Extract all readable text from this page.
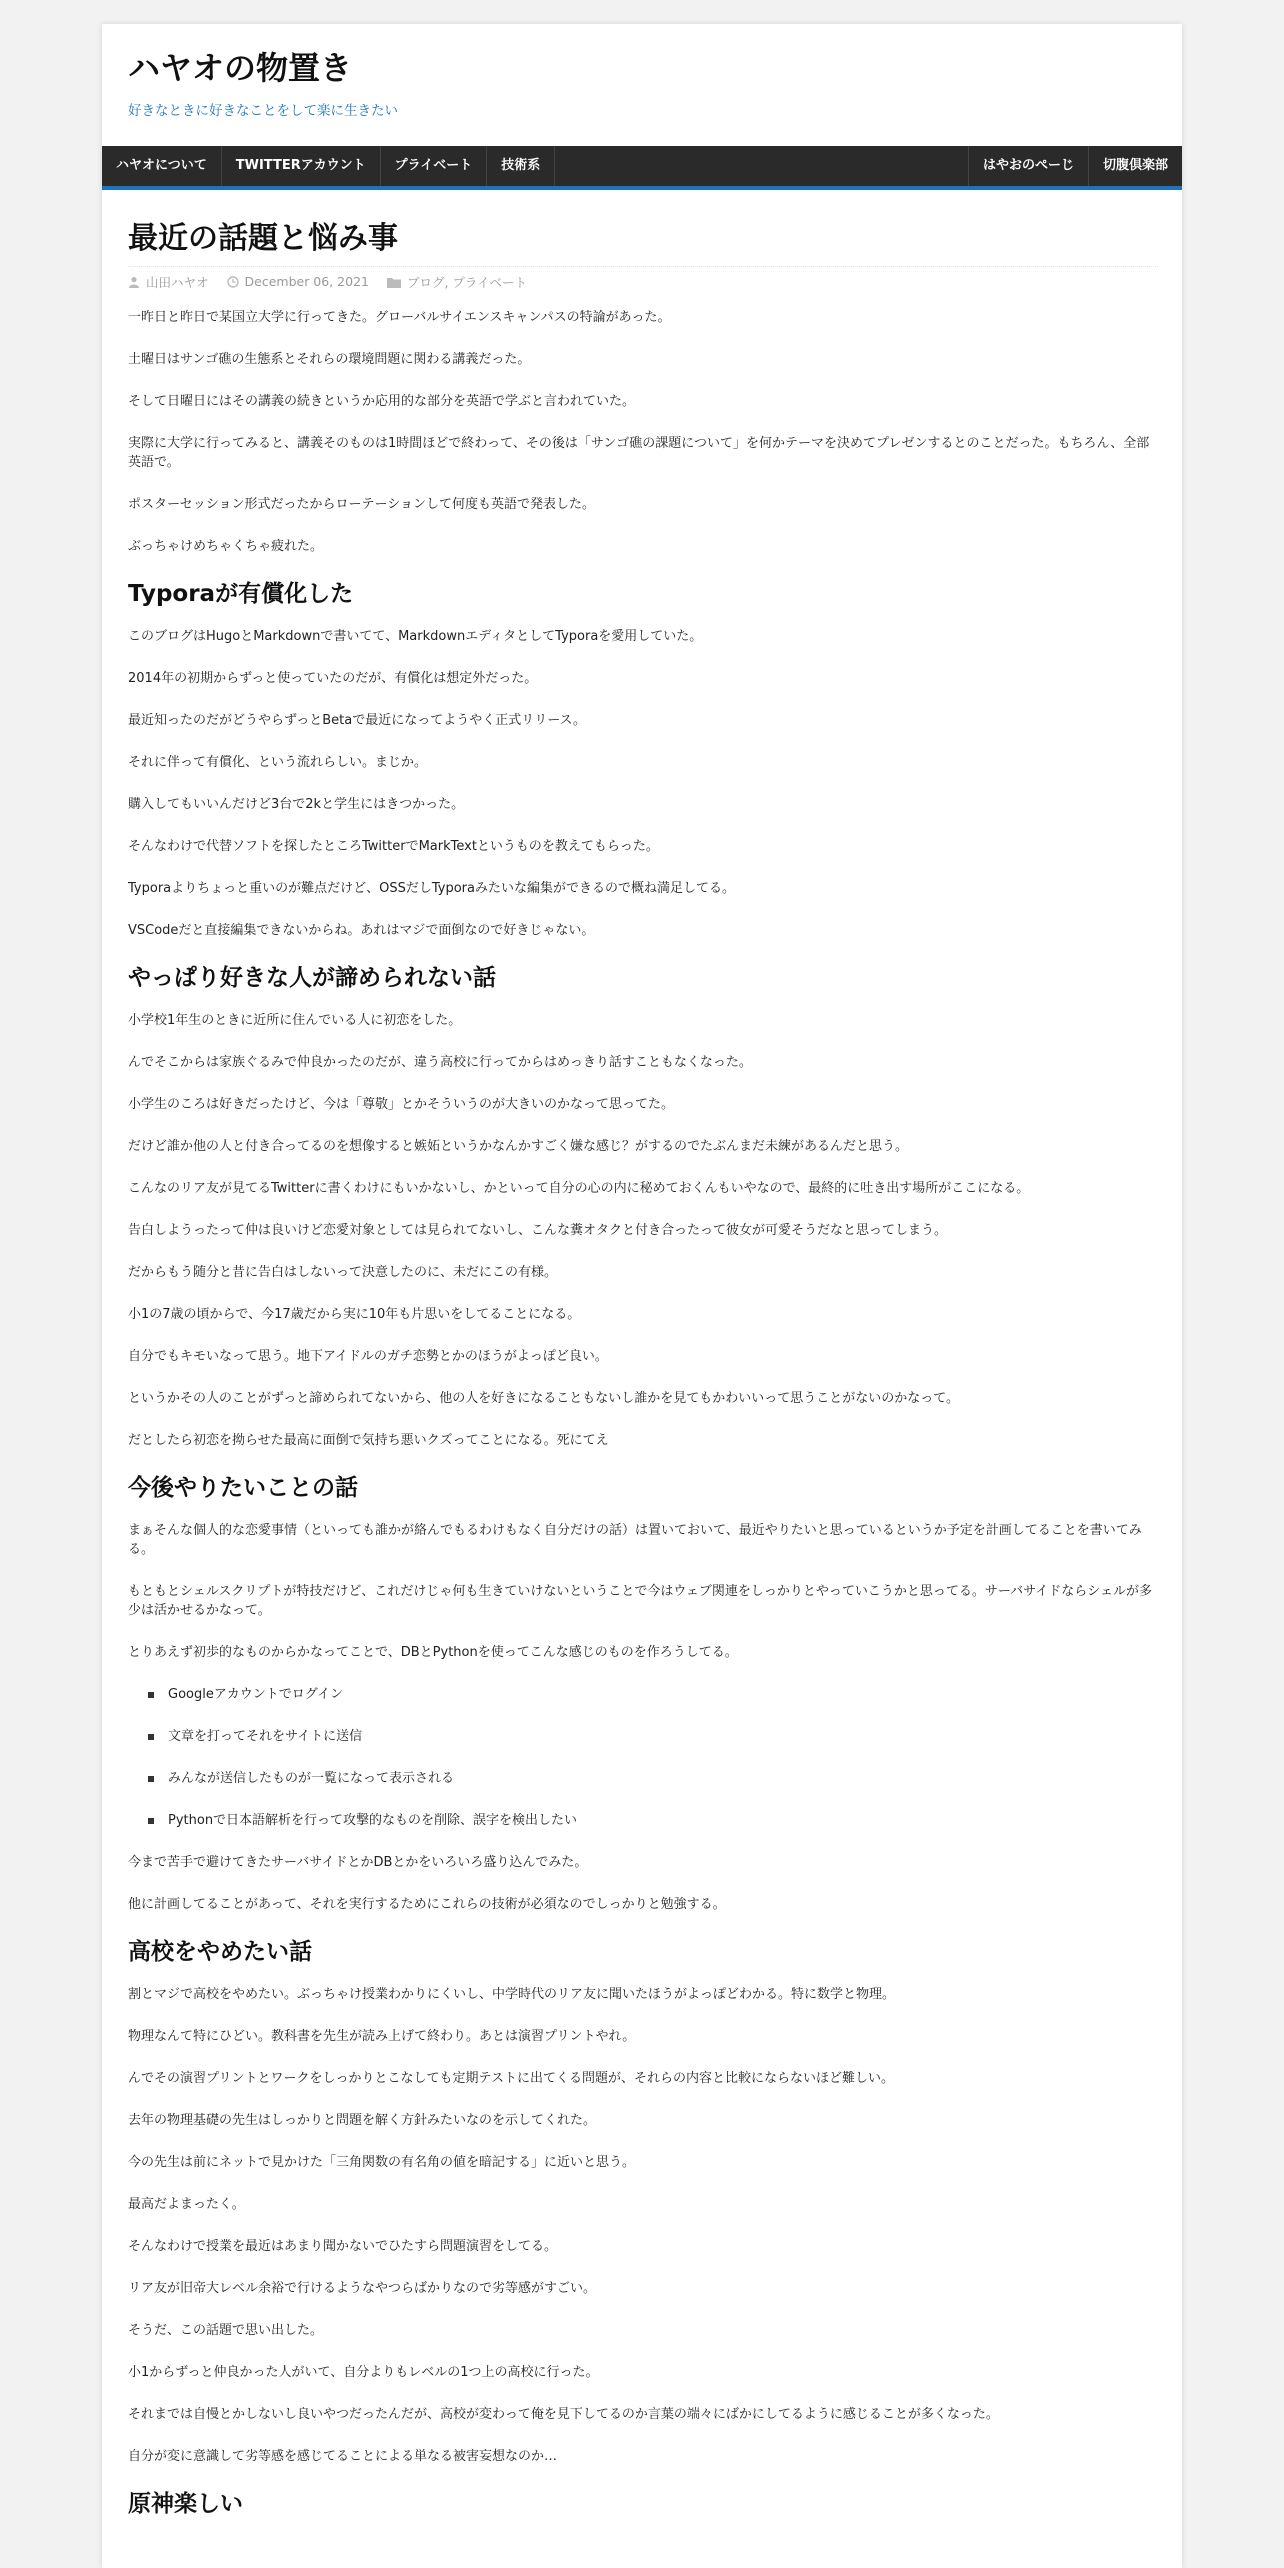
ハヤオの物置き
好きなときに好きなことをして楽に生きたい
ハヤオについて	TWITTERアカウント	プライベート	技術系	はやおのぺーじ	切腹倶楽部
最近の話題と悩み事
山田ハヤオ	December 06, 2021	ブログ, プライベート

一昨日と昨日で某国立大学に行ってきた。グローバルサイエンスキャンパスの特論があった。

土曜日はサンゴ礁の生態系とそれらの環境問題に関わる講義だった。

そして日曜日にはその講義の続きというか応用的な部分を英語で学ぶと言われていた。

実際に大学に行ってみると、講義そのものは1時間ほどで終わって、その後は「サンゴ礁の課題について」を何かテーマを決めてプレゼンするとのことだった。もちろん、全部英語で。

ポスターセッション形式だったからローテーションして何度も英語で発表した。

ぶっちゃけめちゃくちゃ疲れた。

Typoraが有償化した

このブログはHugoとMarkdownで書いてて、MarkdownエディタとしてTyporaを愛用していた。

2014年の初期からずっと使っていたのだが、有償化は想定外だった。

最近知ったのだがどうやらずっとBetaで最近になってようやく正式リリース。

それに伴って有償化、という流れらしい。まじか。

購入してもいいんだけど3台で2kと学生にはきつかった。

そんなわけで代替ソフトを探したところTwitterでMarkTextというものを教えてもらった。

Typoraよりちょっと重いのが難点だけど、OSSだしTyporaみたいな編集ができるので概ね満足してる。

VSCodeだと直接編集できないからね。あれはマジで面倒なので好きじゃない。

やっぱり好きな人が諦められない話

小学校1年生のときに近所に住んでいる人に初恋をした。

んでそこからは家族ぐるみで仲良かったのだが、違う高校に行ってからはめっきり話すこともなくなった。

小学生のころは好きだったけど、今は「尊敬」とかそういうのが大きいのかなって思ってた。

だけど誰か他の人と付き合ってるのを想像すると嫉妬というかなんかすごく嫌な感じ？がするのでたぶんまだ未練があるんだと思う。

こんなのリア友が見てるTwitterに書くわけにもいかないし、かといって自分の心の内に秘めておくんもいやなので、最終的に吐き出す場所がここになる。

告白しようったって仲は良いけど恋愛対象としては見られてないし、こんな糞オタクと付き合ったって彼女が可愛そうだなと思ってしまう。

だからもう随分と昔に告白はしないって決意したのに、未だにこの有様。

小1の7歳の頃からで、今17歳だから実に10年も片思いをしてることになる。

自分でもキモいなって思う。地下アイドルのガチ恋勢とかのほうがよっぽど良い。

というかその人のことがずっと諦められてないから、他の人を好きになることもないし誰かを見てもかわいいって思うことがないのかなって。

だとしたら初恋を拗らせた最高に面倒で気持ち悪いクズってことになる。死にてえ

今後やりたいことの話

まぁそんな個人的な恋愛事情（といっても誰かが絡んでもるわけもなく自分だけの話）は置いておいて、最近やりたいと思っているというか予定を計画してることを書いてみる。

もともとシェルスクリプトが特技だけど、これだけじゃ何も生きていけないということで今はウェブ関連をしっかりとやっていこうかと思ってる。サーバサイドならシェルが多少は活かせるかなって。

とりあえず初歩的なものからかなってことで、DBとPythonを使ってこんな感じのものを作ろうしてる。

Googleアカウントでログイン
文章を打ってそれをサイトに送信
みんなが送信したものが一覧になって表示される
Pythonで日本語解析を行って攻撃的なものを削除、誤字を検出したい

今まで苦手で避けてきたサーバサイドとかDBとかをいろいろ盛り込んでみた。

他に計画してることがあって、それを実行するためにこれらの技術が必須なのでしっかりと勉強する。

高校をやめたい話

割とマジで高校をやめたい。ぶっちゃけ授業わかりにくいし、中学時代のリア友に聞いたほうがよっぽどわかる。特に数学と物理。

物理なんて特にひどい。教科書を先生が読み上げて終わり。あとは演習プリントやれ。

んでその演習プリントとワークをしっかりとこなしても定期テストに出てくる問題が、それらの内容と比較にならないほど難しい。

去年の物理基礎の先生はしっかりと問題を解く方針みたいなのを示してくれた。

今の先生は前にネットで見かけた「三角関数の有名角の値を暗記する」に近いと思う。

最高だよまったく。

そんなわけで授業を最近はあまり聞かないでひたすら問題演習をしてる。

リア友が旧帝大レベル余裕で行けるようなやつらばかりなので劣等感がすごい。

そうだ、この話題で思い出した。

小1からずっと仲良かった人がいて、自分よりもレベルの1つ上の高校に行った。

それまでは自慢とかしないし良いやつだったんだが、高校が変わって俺を見下してるのか言葉の端々にばかにしてるように感じることが多くなった。

自分が変に意識して劣等感を感じてることによる単なる被害妄想なのか…

原神楽しい
